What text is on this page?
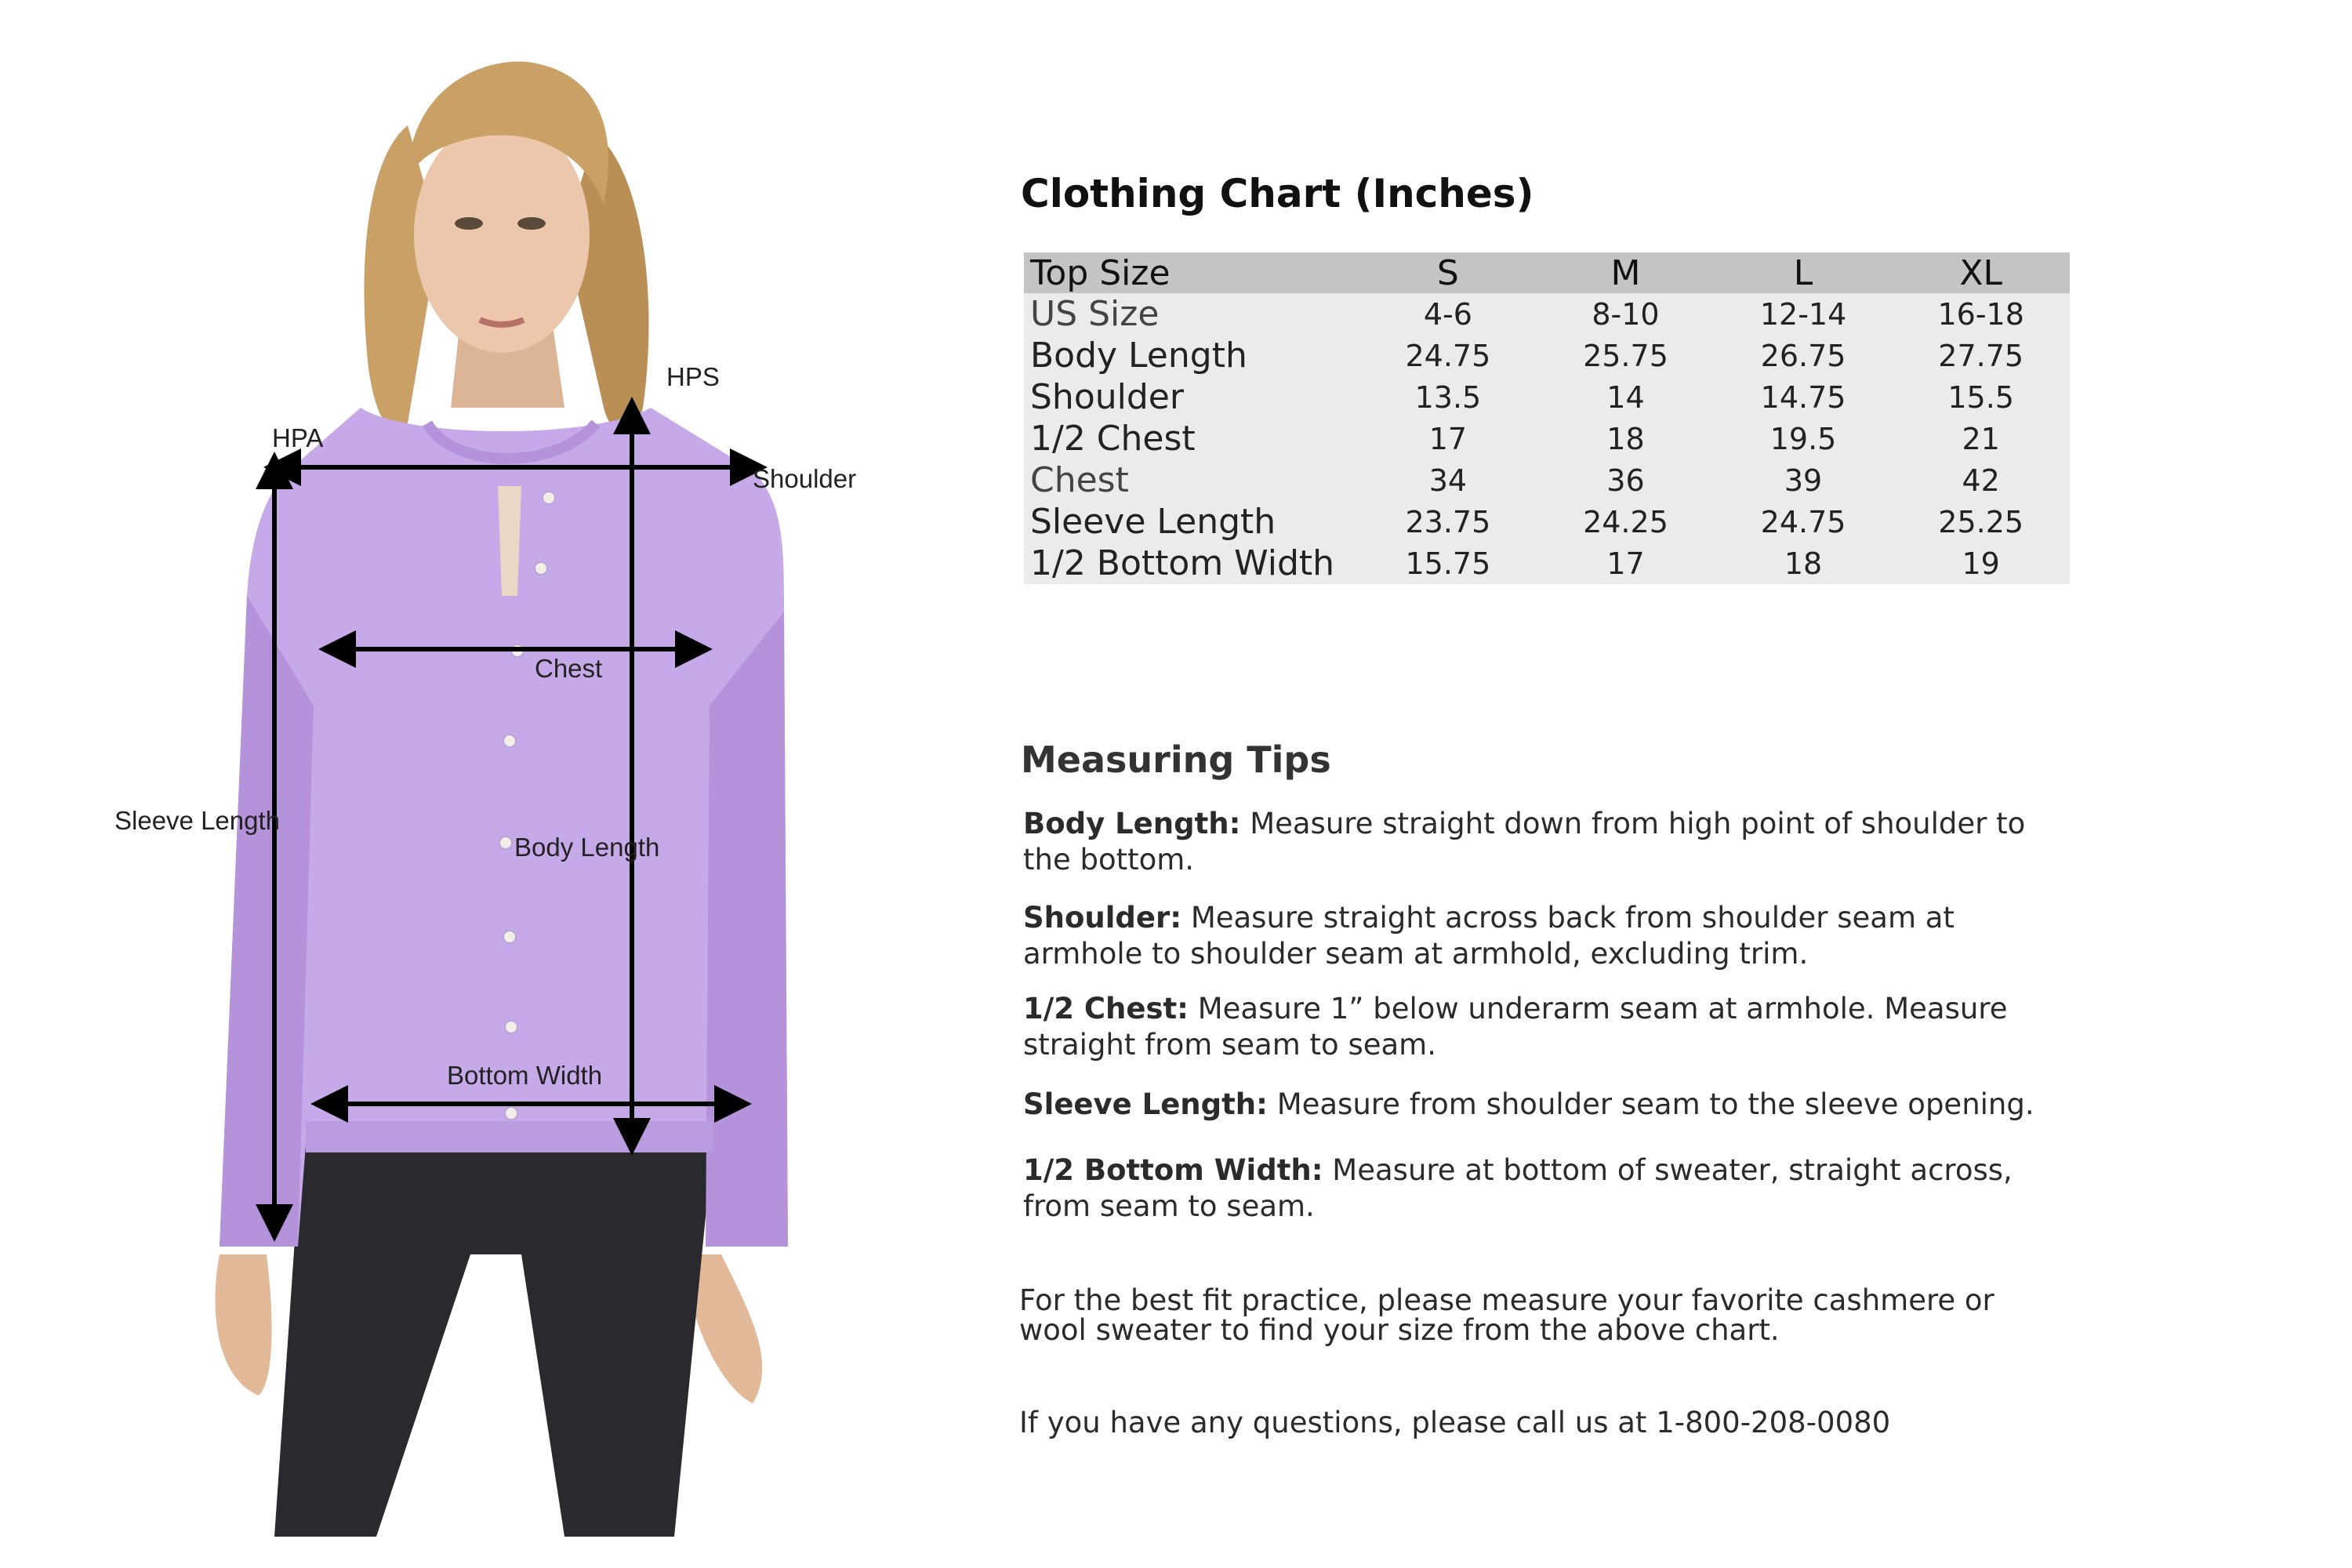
HPS
HPA
Shoulder
Chest
Sleeve Length
Body Length
Bottom Width
Clothing Chart (Inches)
Top Size	S	M	L	XL
US Size	4-6	8-10	12-14	16-18
Body Length	24.75	25.75	26.75	27.75
Shoulder	13.5	14	14.75	15.5
1/2 Chest	17	18	19.5	21
Chest	34	36	39	42
Sleeve Length	23.75	24.25	24.75	25.25
1/2 Bottom Width	15.75	17	18	19
Measuring Tips
Body Length: Measure straight down from high point of shoulder to the bottom.
Shoulder: Measure straight across back from shoulder seam at armhole to shoulder seam at armhold, excluding trim.
1/2 Chest: Measure 1” below underarm seam at armhole. Measure straight from seam to seam.
Sleeve Length: Measure from shoulder seam to the sleeve opening.
1/2 Bottom Width: Measure at bottom of sweater, straight across, from seam to seam.
For the best fit practice, please measure your favorite cashmere or wool sweater to find your size from the above chart.
If you have any questions, please call us at 1-800-208-0080
